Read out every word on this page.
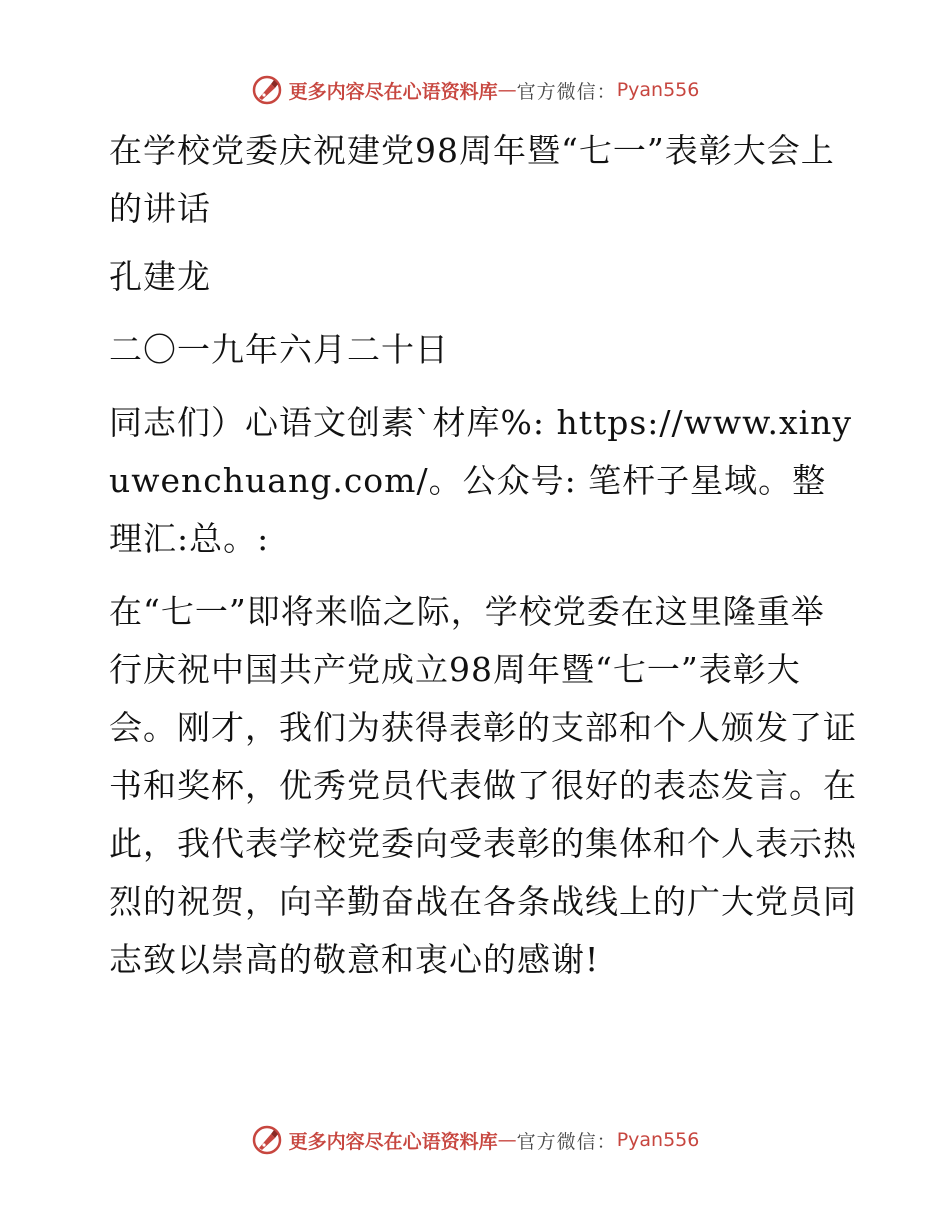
更多内容尽在心语资料库 — 官方微信： Pyan556

在学校党委庆祝建党98周年暨“七一”表彰大会上的讲话

孔建龙

二〇一九年六月二十日

同志们）心语文创素`材库%: https://www.xinyuwenchuang.com/。公众号: 笔杆子星域。整理汇:总。:

在“七一”即将来临之际，学校党委在这里隆重举行庆祝中国共产党成立98周年暨“七一”表彰大会。刚才，我们为获得表彰的支部和个人颁发了证书和奖杯，优秀党员代表做了很好的表态发言。在此，我代表学校党委向受表彰的集体和个人表示热烈的祝贺，向辛勤奋战在各条战线上的广大党员同志致以崇高的敬意和衷心的感谢!

更多内容尽在心语资料库 — 官方微信： Pyan556
